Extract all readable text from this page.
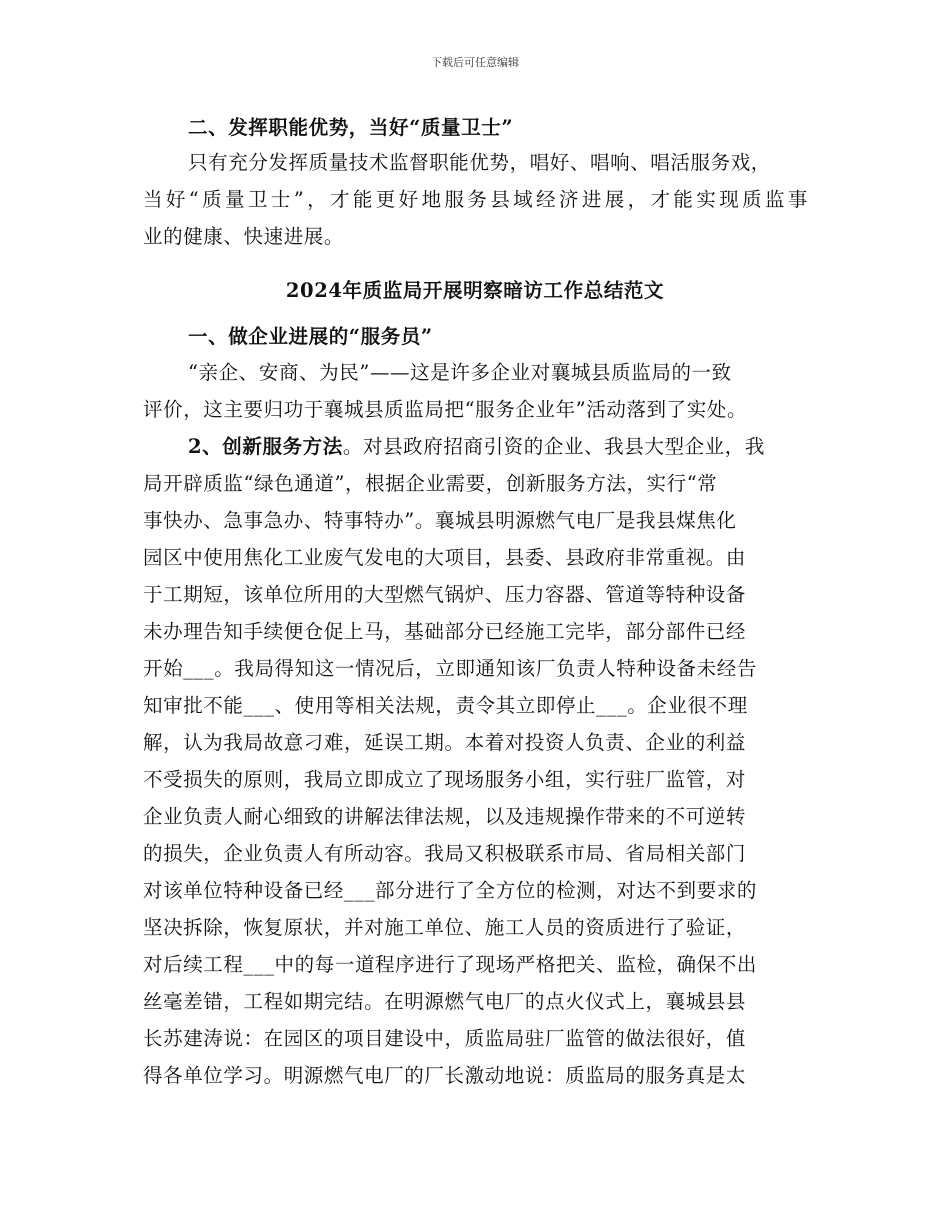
下载后可任意编辑
二、发挥职能优势，当好“质量卫士”
只有充分发挥质量技术监督职能优势，唱好、唱响、唱活服务戏，
当好“质量卫士”，才能更好地服务县域经济进展，才能实现质监事
业的健康、快速进展。
2024年质监局开展明察暗访工作总结范文
一、做企业进展的“服务员”
“亲企、安商、为民”——这是许多企业对襄城县质监局的一致
评价，这主要归功于襄城县质监局把“服务企业年”活动落到了实处。
2、创新服务方法。对县政府招商引资的企业、我县大型企业，我
局开辟质监“绿色通道”，根据企业需要，创新服务方法，实行“常
事快办、急事急办、特事特办”。襄城县明源燃气电厂是我县煤焦化
园区中使用焦化工业废气发电的大项目，县委、县政府非常重视。由
于工期短，该单位所用的大型燃气锅炉、压力容器、管道等特种设备
未办理告知手续便仓促上马，基础部分已经施工完毕，部分部件已经
开始___。我局得知这一情况后，立即通知该厂负责人特种设备未经告
知审批不能___、使用等相关法规，责令其立即停止___。企业很不理
解，认为我局故意刁难，延误工期。本着对投资人负责、企业的利益
不受损失的原则，我局立即成立了现场服务小组，实行驻厂监管，对
企业负责人耐心细致的讲解法律法规，以及违规操作带来的不可逆转
的损失，企业负责人有所动容。我局又积极联系市局、省局相关部门
对该单位特种设备已经___部分进行了全方位的检测，对达不到要求的
坚决拆除，恢复原状，并对施工单位、施工人员的资质进行了验证，
对后续工程___中的每一道程序进行了现场严格把关、监检，确保不出
丝毫差错，工程如期完结。在明源燃气电厂的点火仪式上，襄城县县
长苏建涛说：在园区的项目建设中，质监局驻厂监管的做法很好，值
得各单位学习。明源燃气电厂的厂长激动地说：质监局的服务真是太
